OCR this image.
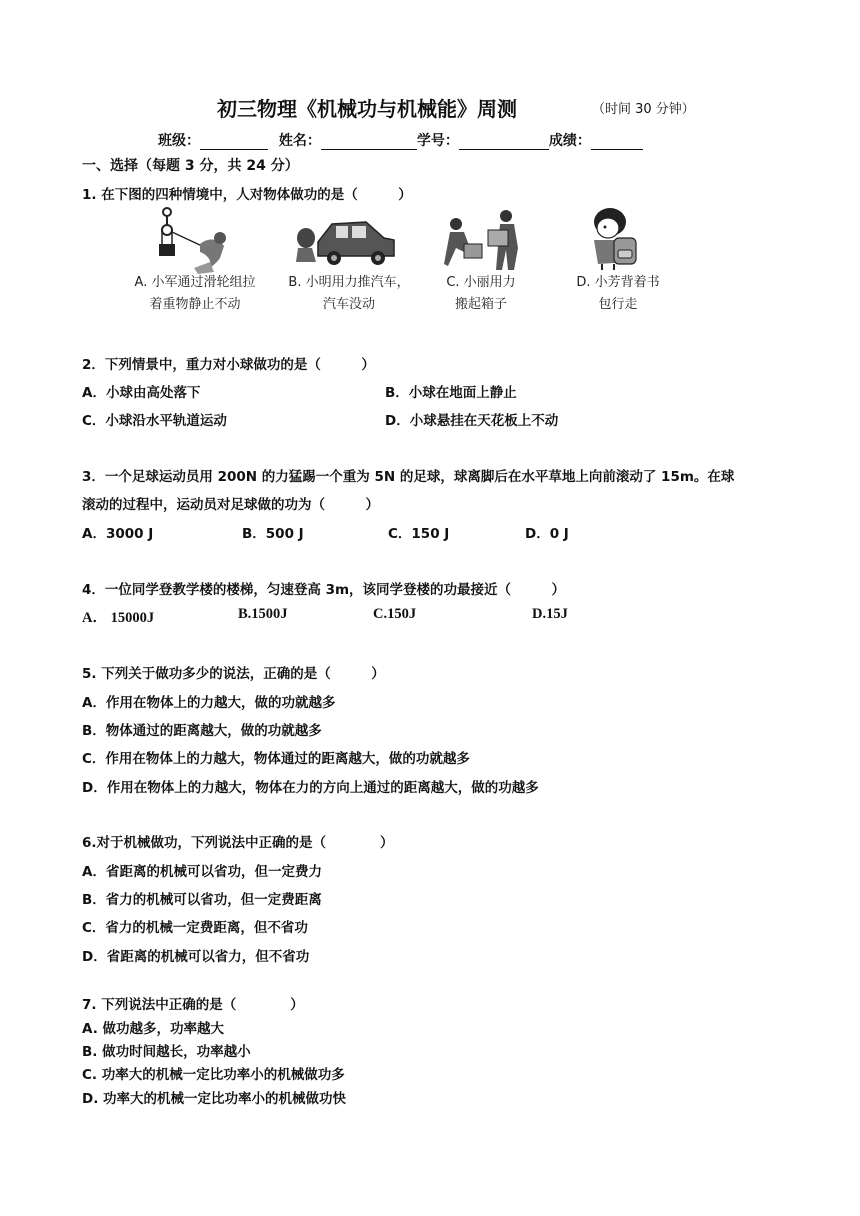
初三物理《机械功与机械能》周测	（时间 30 分钟）
班级：	姓名：	学号：	成绩：
一、选择（每题 3 分，共 24 分）
1. 在下图的四种情境中，人对物体做功的是（　　　）
A. 小军通过滑轮组拉
着重物静止不动
B. 小明用力推汽车，
汽车没动
C. 小丽用力
搬起箱子
D. 小芳背着书
包行走
2．下列情景中，重力对小球做功的是（　　　）
A．小球由高处落下	B．小球在地面上静止
C．小球沿水平轨道运动	D．小球悬挂在天花板上不动
3．一个足球运动员用 200N 的力猛踢一个重为 5N 的足球，球离脚后在水平草地上向前滚动了 15m。在球
滚动的过程中，运动员对足球做的功为（　　　）
A．3000 J	B．500 J	C．150 J	D．0 J
4．一位同学登教学楼的楼梯，匀速登高 3m，该同学登楼的功最接近（　　　）
A． 15000J	B.1500J	C.150J	D.15J
5. 下列关于做功多少的说法，正确的是（　　　）
A．作用在物体上的力越大，做的功就越多
B．物体通过的距离越大，做的功就越多
C．作用在物体上的力越大，物体通过的距离越大，做的功就越多
D．作用在物体上的力越大，物体在力的方向上通过的距离越大，做的功越多
6.对于机械做功，下列说法中正确的是（　　　　）
A．省距离的机械可以省功，但一定费力
B．省力的机械可以省功，但一定费距离
C．省力的机械一定费距离，但不省功
D．省距离的机械可以省力，但不省功
7. 下列说法中正确的是（　　　　）
A. 做功越多，功率越大
B. 做功时间越长，功率越小
C. 功率大的机械一定比功率小的机械做功多
D. 功率大的机械一定比功率小的机械做功快
